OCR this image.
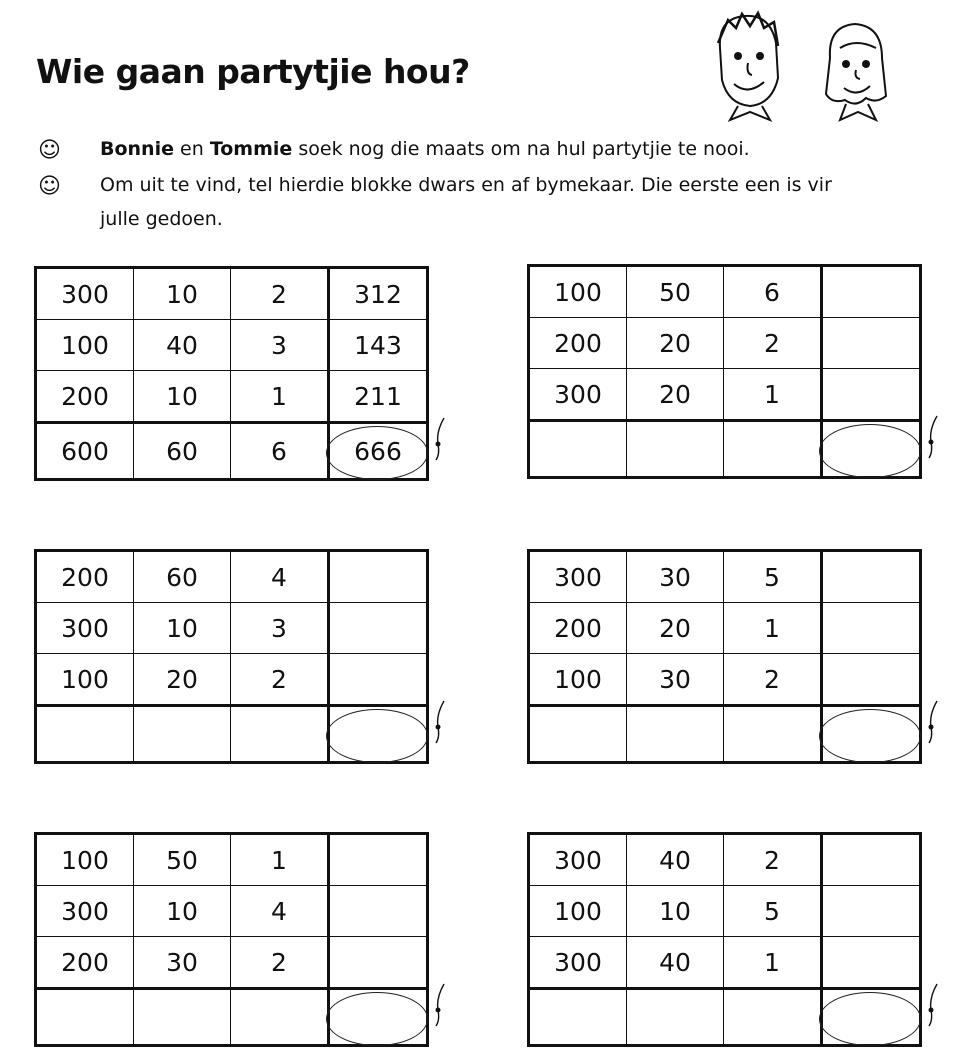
Wie gaan partytjie hou?
☺ Bonnie en Tommie soek nog die maats om na hul partytjie te nooi.
☺ Om uit te vind, tel hierdie blokke dwars en af bymekaar. Die eerste een is vir
julle gedoen.
300	10	2	312
100	40	3	143
200	10	1	211
600	60	6	666
100	50	6	
200	20	2	
300	20	1	

200	60	4	
300	10	3	
100	20	2	

300	30	5	
200	20	1	
100	30	2	

100	50	1	
300	10	4	
200	30	2	

300	40	2	
100	10	5	
300	40	1	
